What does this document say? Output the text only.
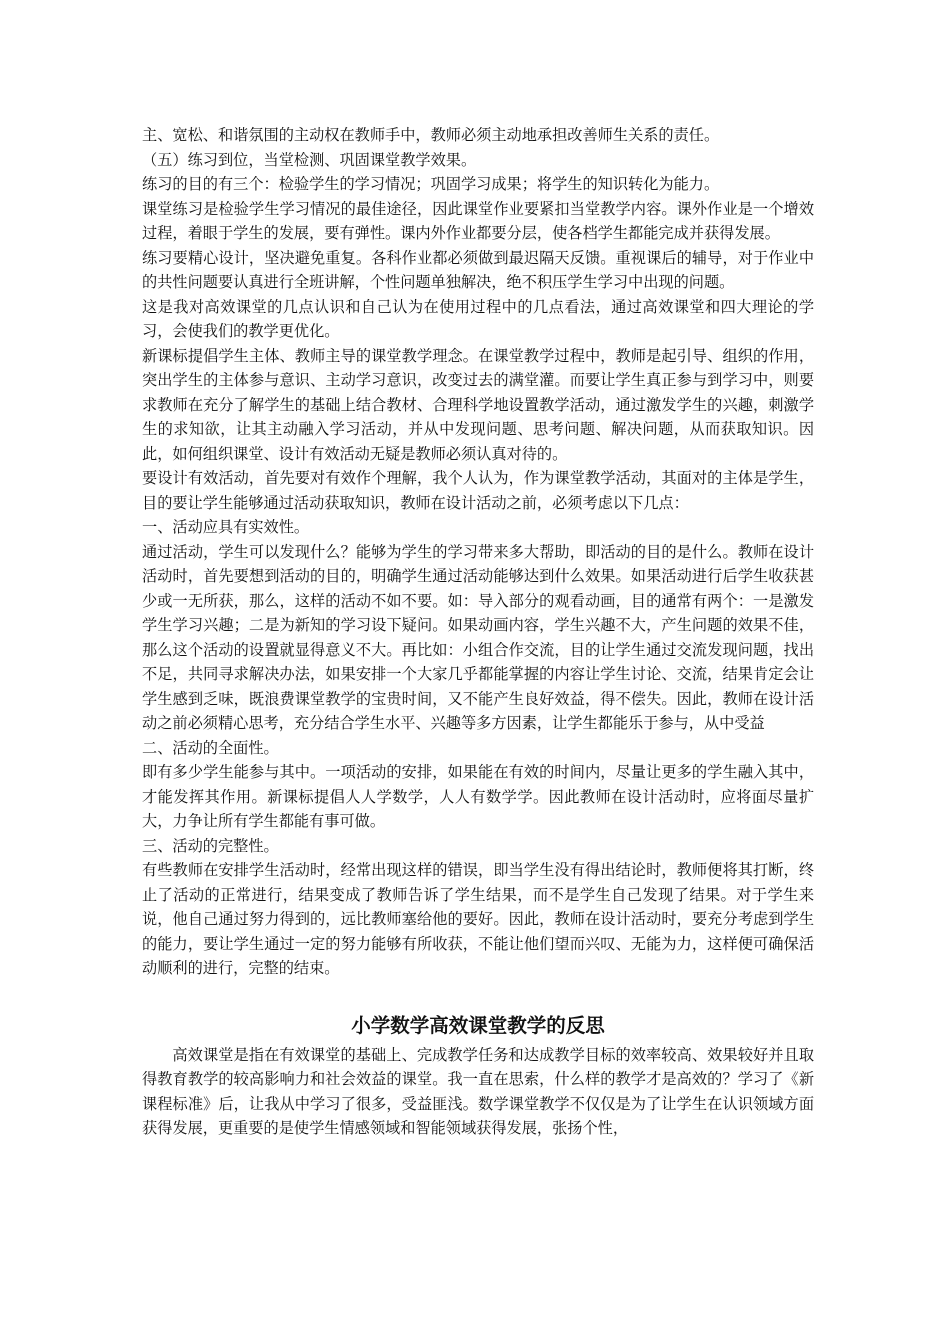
主、宽松、和谐氛围的主动权在教师手中，教师必须主动地承担改善师生关系的责任。

（五）练习到位，当堂检测、巩固课堂教学效果。

练习的目的有三个：检验学生的学习情况；巩固学习成果；将学生的知识转化为能力。

课堂练习是检验学生学习情况的最佳途径，因此课堂作业要紧扣当堂教学内容。课外作业是一个增效过程，着眼于学生的发展，要有弹性。课内外作业都要分层，使各档学生都能完成并获得发展。

练习要精心设计，坚决避免重复。各科作业都必须做到最迟隔天反馈。重视课后的辅导，对于作业中的共性问题要认真进行全班讲解，个性问题单独解决，绝不积压学生学习中出现的问题。

这是我对高效课堂的几点认识和自己认为在使用过程中的几点看法，通过高效课堂和四大理论的学习，会使我们的教学更优化。

新课标提倡学生主体、教师主导的课堂教学理念。在课堂教学过程中，教师是起引导、组织的作用，突出学生的主体参与意识、主动学习意识，改变过去的满堂灌。而要让学生真正参与到学习中，则要求教师在充分了解学生的基础上结合教材、合理科学地设置教学活动，通过激发学生的兴趣，刺激学生的求知欲，让其主动融入学习活动，并从中发现问题、思考问题、解决问题，从而获取知识。因此，如何组织课堂、设计有效活动无疑是教师必须认真对待的。

要设计有效活动，首先要对有效作个理解，我个人认为，作为课堂教学活动，其面对的主体是学生，目的要让学生能够通过活动获取知识，教师在设计活动之前，必须考虑以下几点：

一、活动应具有实效性。

通过活动，学生可以发现什么？能够为学生的学习带来多大帮助，即活动的目的是什么。教师在设计活动时，首先要想到活动的目的，明确学生通过活动能够达到什么效果。如果活动进行后学生收获甚少或一无所获，那么，这样的活动不如不要。如：导入部分的观看动画，目的通常有两个：一是激发学生学习兴趣；二是为新知的学习设下疑问。如果动画内容，学生兴趣不大，产生问题的效果不佳，那么这个活动的设置就显得意义不大。再比如：小组合作交流，目的让学生通过交流发现问题，找出不足，共同寻求解决办法，如果安排一个大家几乎都能掌握的内容让学生讨论、交流，结果肯定会让学生感到乏味，既浪费课堂教学的宝贵时间，又不能产生良好效益，得不偿失。因此，教师在设计活动之前必须精心思考，充分结合学生水平、兴趣等多方因素，让学生都能乐于参与，从中受益

二、活动的全面性。

即有多少学生能参与其中。一项活动的安排，如果能在有效的时间内，尽量让更多的学生融入其中，才能发挥其作用。新课标提倡人人学数学，人人有数学学。因此教师在设计活动时，应将面尽量扩大，力争让所有学生都能有事可做。

三、活动的完整性。

有些教师在安排学生活动时，经常出现这样的错误，即当学生没有得出结论时，教师便将其打断，终止了活动的正常进行，结果变成了教师告诉了学生结果，而不是学生自己发现了结果。对于学生来说，他自己通过努力得到的，远比教师塞给他的要好。因此，教师在设计活动时，要充分考虑到学生的能力，要让学生通过一定的努力能够有所收获，不能让他们望而兴叹、无能为力，这样便可确保活动顺利的进行，完整的结束。

小学数学高效课堂教学的反思

高效课堂是指在有效课堂的基础上、完成教学任务和达成教学目标的效率较高、效果较好并且取得教育教学的较高影响力和社会效益的课堂。我一直在思索，什么样的教学才是高效的？学习了《新课程标准》后，让我从中学习了很多，受益匪浅。数学课堂教学不仅仅是为了让学生在认识领域方面获得发展，更重要的是使学生情感领域和智能领域获得发展，张扬个性，
